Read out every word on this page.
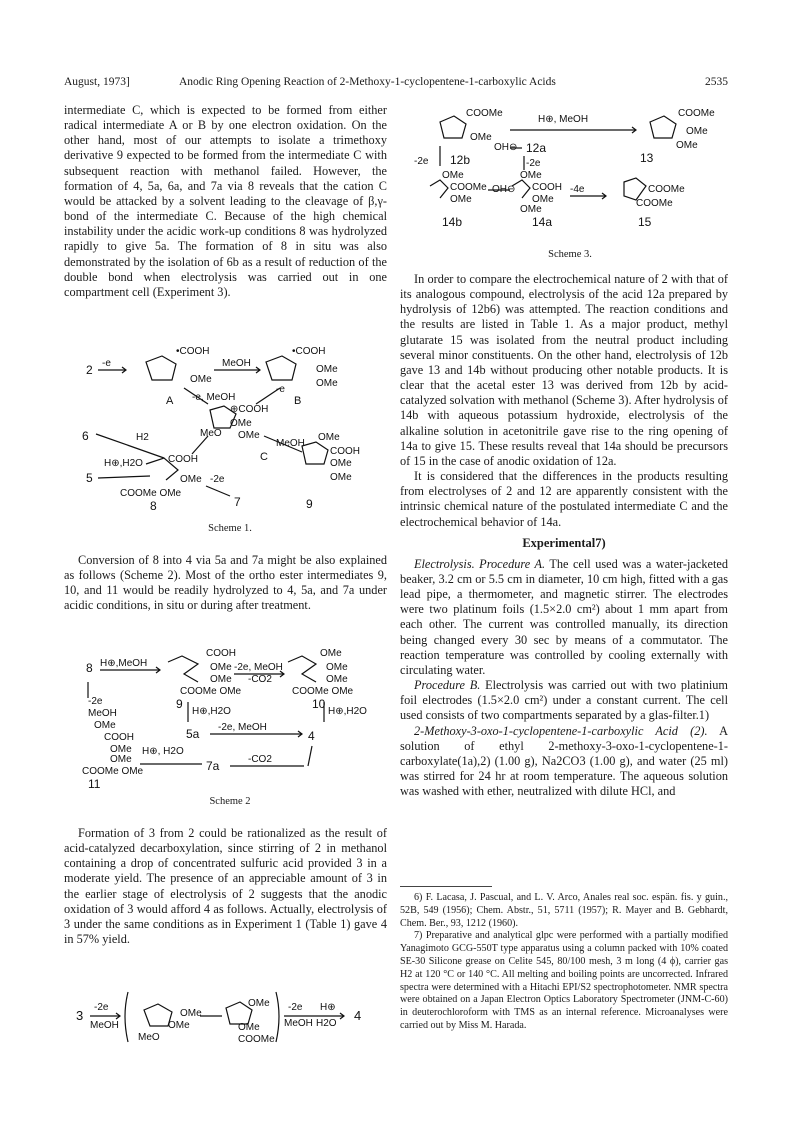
August, 1973]	Anodic Ring Opening Reaction of 2-Methoxy-1-cyclopentene-1-carboxylic Acids	2535

intermediate C, which is expected to be formed from either radical intermediate A or B by one electron oxidation. On the other hand, most of our attempts to isolate a trimethoxy derivative 9 expected to be formed from the intermediate C with subsequent reaction with methanol failed. However, the formation of 4, 5a, 6a, and 7a via 8 reveals that the cation C would be attacked by a solvent leading to the cleavage of β,γ-bond of the intermediate C. Because of the high chemical instability under the acidic work-up conditions 8 was hydrolyzed rapidly to give 5a. The formation of 8 in situ was also demonstrated by the isolation of 6b as a result of reduction of the double bond when electrolysis was carried out in one compartment cell (Experiment 3).

2 -e
•COOH
MeOH
•COOH
OMe
OMe
OMe
A	B
-e, MeOH
-e
⊕COOH
OMe
MeO OMe
C
MeOH
OMe
COOH
OMe
OMe
9
6	H2
H⊕,H2O
5
COOH
OMe -2e
COOMe OMe
8	7
Scheme 1.

Conversion of 8 into 4 via 5a and 7a might be also explained as follows (Scheme 2). Most of the ortho ester intermediates 9, 10, and 11 would be readily hydrolyzed to 4, 5a, and 7a under acidic conditions, in situ or during after treatment.

8 H⊕,MeOH
COOH
OMe
OMe
COOMe OMe
-2e, MeOH
-CO2
OMe
OMe
OMe
COOMe OMe
9
H⊕,H2O
10
H⊕,H2O
-2e
MeOH
OMe
COOH
OMe
OMe
COOMe OMe
11
H⊕, H2O
5a -2e, MeOH
4
7a	-CO2
Scheme 2

Formation of 3 from 2 could be rationalized as the result of acid-catalyzed decarboxylation, since stirring of 2 in methanol containing a drop of concentrated sulfuric acid provided 3 in a moderate yield. The presence of an appreciable amount of 3 in the earlier stage of electrolysis of 2 suggests that the anodic oxidation of 3 would afford 4 as follows. Actually, electrolysis of 3 under the same conditions as in Experiment 1 (Table 1) gave 4 in 57% yield.

3
-2e
MeOH
OMe
OMe
MeO
OMe
OMe
COOMe
-2e
MeOH
H⊕
H2O
4
COOMe
H⊕, MeOH
COOMe
OMe
OMe
OMe
OH⊖ 12a
13
-2e 12b	-2e
OMe
COOMe OH⊖
OMe
OMe
COOH
OMe
OMe
-4e	COOMe
COOMe
14b	14a	15
Scheme 3.

In order to compare the electrochemical nature of 2 with that of its analogous compound, electrolysis of the acid 12a prepared by hydrolysis of 12b6) was attempted. The reaction conditions and the results are listed in Table 1. As a major product, methyl glutarate 15 was isolated from the neutral product including several minor constituents. On the other hand, electrolysis of 12b gave 13 and 14b without producing other notable products. It is clear that the acetal ester 13 was derived from 12b by acid-catalyzed solvation with methanol (Scheme 3). After hydrolysis of 14b with aqueous potassium hydroxide, electrolysis of the alkaline solution in acetonitrile gave rise to the ring opening of 14a to give 15. These results reveal that 14a should be precursors of 15 in the case of anodic oxidation of 12a.

It is considered that the differences in the products resulting from electrolyses of 2 and 12 are apparently consistent with the intrinsic chemical nature of the postulated intermediate C and the electrochemical behavior of 14a.

Experimental7)

Electrolysis. Procedure A. The cell used was a water-jacketed beaker, 3.2 cm or 5.5 cm in diameter, 10 cm high, fitted with a gas lead pipe, a thermometer, and magnetic stirrer. The electrodes were two platinum foils (1.5×2.0 cm²) about 1 mm apart from each other. The current was controlled manually, its direction being changed every 30 sec by means of a commutator. The reaction temperature was controlled by cooling externally with circulating water.

Procedure B. Electrolysis was carried out with two platinium foil electrodes (1.5×2.0 cm²) under a constant current. The cell used consists of two compartments separated by a glas-filter.1)

2-Methoxy-3-oxo-1-cyclopentene-1-carboxylic Acid (2). A solution of ethyl 2-methoxy-3-oxo-1-cyclopentene-1-carboxylate(1a),2) (1.00 g), Na2CO3 (1.00 g), and water (25 ml) was stirred for 24 hr at room temperature. The aqueous solution was washed with ether, neutralized with dilute HCl, and

6) F. Lacasa, J. Pascual, and L. V. Arco, Anales real soc. espän. fis. y guin., 52B, 549 (1956); Chem. Abstr., 51, 5711 (1957); R. Mayer and B. Gebhardt, Chem. Ber., 93, 1212 (1960).

7) Preparative and analytical glpc were performed with a partially modified Yanagimoto GCG-550T type apparatus using a column packed with 10% coated SE-30 Silicone grease on Celite 545, 80/100 mesh, 3 m long (4 ϕ), carrier gas H2 at 120 °C or 140 °C. All melting and boiling points are uncorrected. Infrared spectra were determined with a Hitachi EPI/S2 spectrophotometer. NMR spectra were obtained on a Japan Electron Optics Laboratory Spectrometer (JNM-C-60) in deuterochloroform with TMS as an internal reference. Microanalyses were carried out by Miss M. Harada.
